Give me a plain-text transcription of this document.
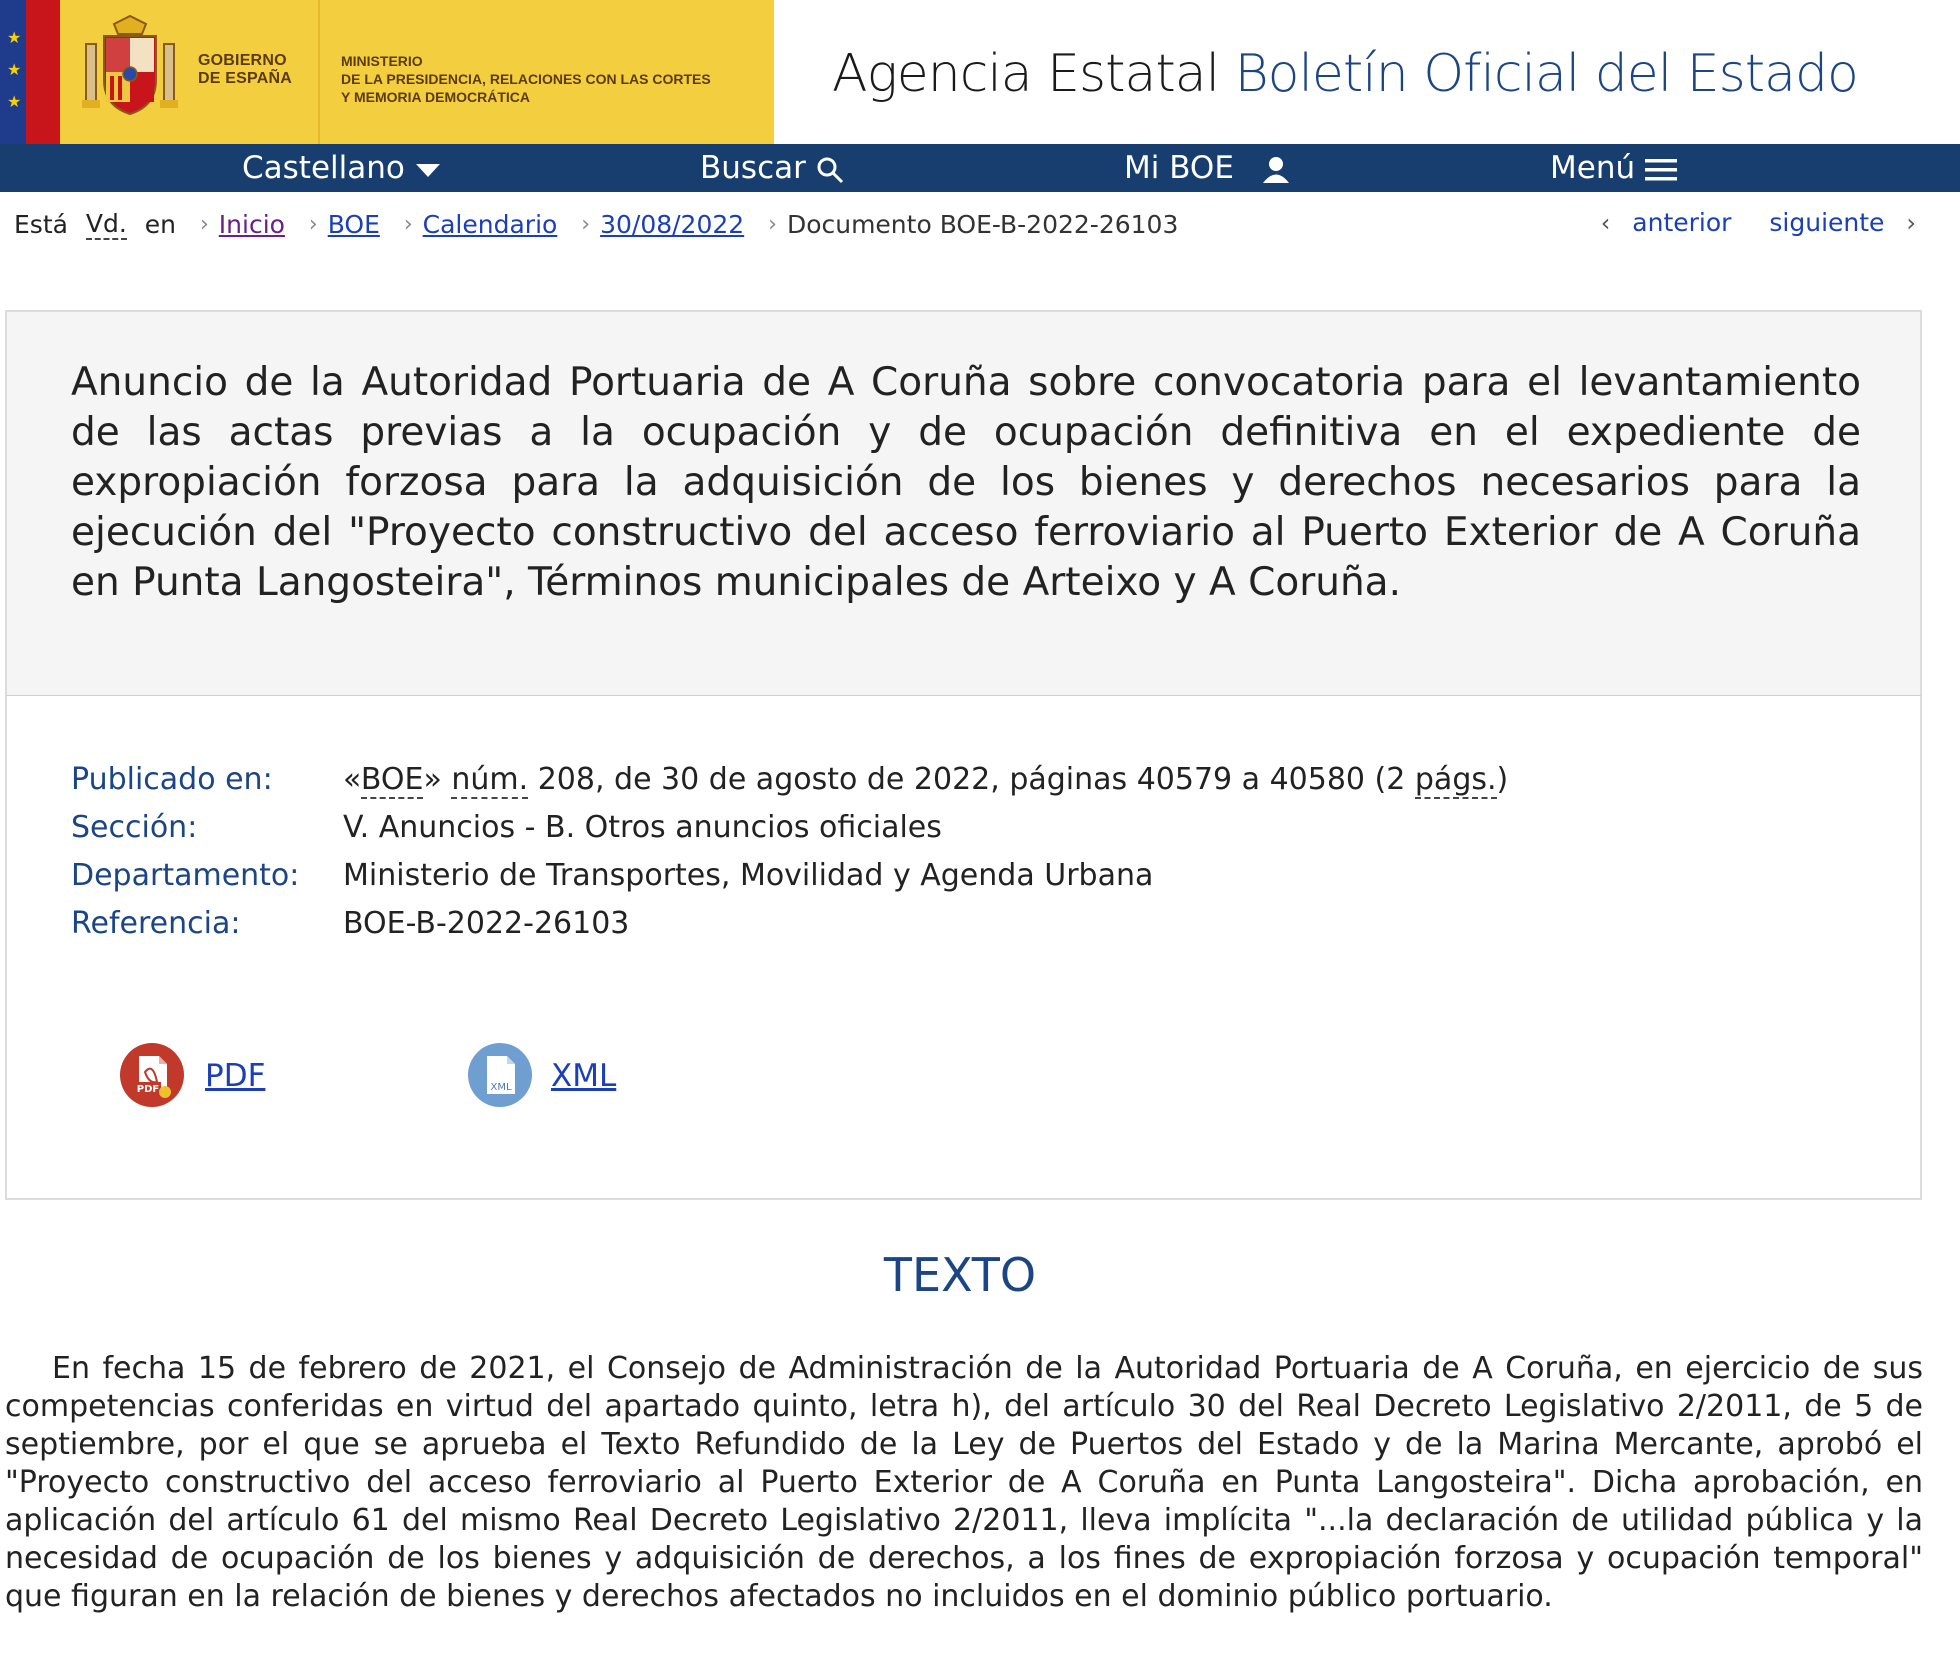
★
★
★
GOBIERNO
DE ESPAÑA
MINISTERIO
DE LA PRESIDENCIA, RELACIONES CON LAS CORTES
Y MEMORIA DEMOCRÁTICA	Agencia Estatal Boletín Oficial del Estado
Castellano	Buscar	Mi BOE	Menú
Está Vd. en › Inicio › BOE › Calendario › 30/08/2022 › Documento BOE-B-2022-26103	‹ anterior siguiente ›
Anuncio de la Autoridad Portuaria de A Coruña sobre convocatoria para el levantamiento de las actas previas a la ocupación y de ocupación definitiva en el expediente de expropiación forzosa para la adquisición de los bienes y derechos necesarios para la ejecución del "Proyecto constructivo del acceso ferroviario al Puerto Exterior de A Coruña en Punta Langosteira", Términos municipales de Arteixo y A Coruña.
Publicado en: «BOE» núm. 208, de 30 de agosto de 2022, páginas 40579 a 40580 (2 págs.)
Sección:	V. Anuncios - B. Otros anuncios oficiales
Departamento: Ministerio de Transportes, Movilidad y Agenda Urbana
Referencia:	BOE-B-2022-26103
PDF PDF	XML XML
TEXTO

En fecha 15 de febrero de 2021, el Consejo de Administración de la Autoridad Portuaria de A Coruña, en ejercicio de sus competencias conferidas en virtud del apartado quinto, letra h), del artículo 30 del Real Decreto Legislativo 2/2011, de 5 de septiembre, por el que se aprueba el Texto Refundido de la Ley de Puertos del Estado y de la Marina Mercante, aprobó el "Proyecto constructivo del acceso ferroviario al Puerto Exterior de A Coruña en Punta Langosteira". Dicha aprobación, en aplicación del artículo 61 del mismo Real Decreto Legislativo 2/2011, lleva implícita "...la declaración de utilidad pública y la necesidad de ocupación de los bienes y adquisición de derechos, a los fines de expropiación forzosa y ocupación temporal" que figuran en la relación de bienes y derechos afectados no incluidos en el dominio público portuario.
